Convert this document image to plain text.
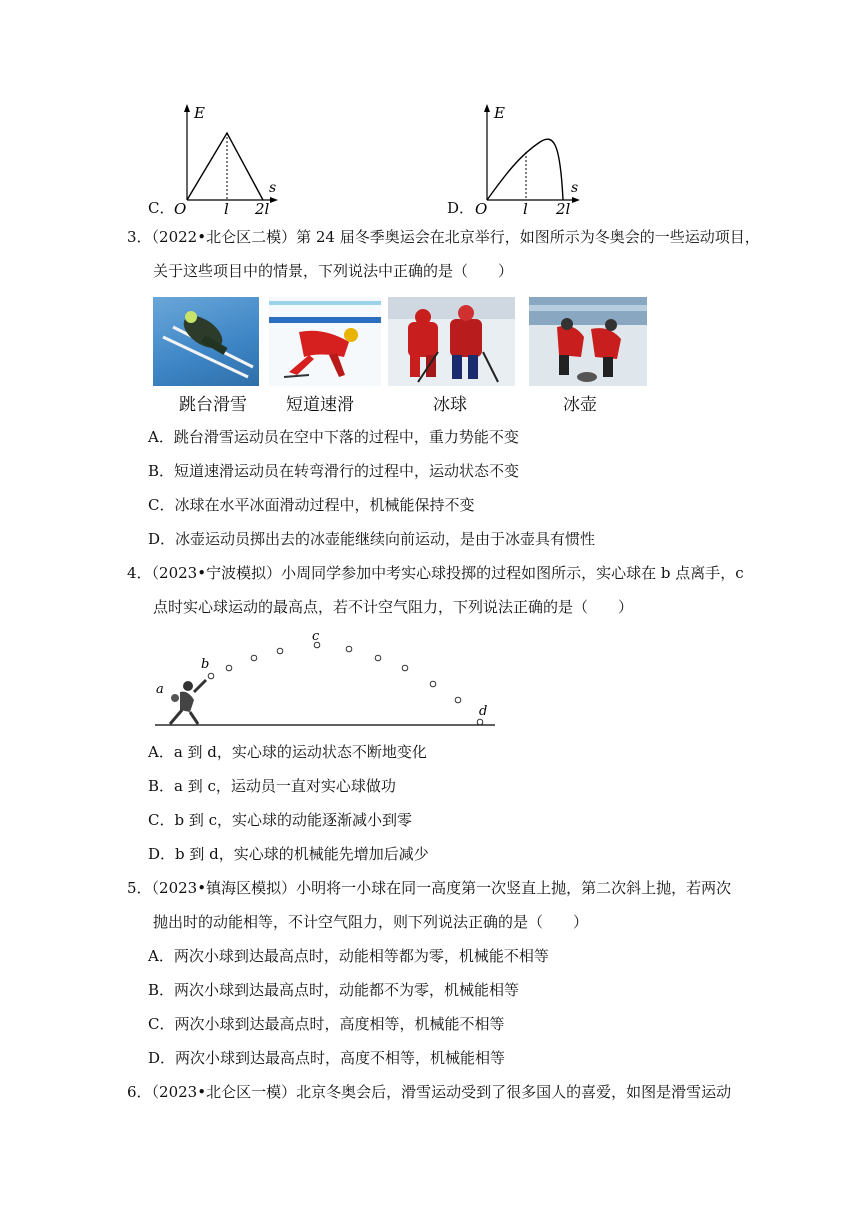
C．
E
s
O	l 2l	D．
E
s
O l 2l
3．（2022•北仑区二模）第 24 届冬季奥运会在北京举行，如图所示为冬奥会的一些运动项目，
关于这些项目中的情景，下列说法中正确的是（　　）
跳台滑雪	短道速滑	冰球	冰壶
A．跳台滑雪运动员在空中下落的过程中，重力势能不变
B．短道速滑运动员在转弯滑行的过程中，运动状态不变
C．冰球在水平冰面滑动过程中，机械能保持不变
D．冰壶运动员掷出去的冰壶能继续向前运动，是由于冰壶具有惯性
4．（2023•宁波模拟）小周同学参加中考实心球投掷的过程如图所示，实心球在 b 点离手，c
点时实心球运动的最高点，若不计空气阻力，下列说法正确的是（　　）
a
b
c
d
A．a 到 d，实心球的运动状态不断地变化
B．a 到 c，运动员一直对实心球做功
C．b 到 c，实心球的动能逐渐减小到零
D．b 到 d，实心球的机械能先增加后减少
5．（2023•镇海区模拟）小明将一小球在同一高度第一次竖直上抛，第二次斜上抛，若两次
抛出时的动能相等，不计空气阻力，则下列说法正确的是（　　）
A．两次小球到达最高点时，动能相等都为零，机械能不相等
B．两次小球到达最高点时，动能都不为零，机械能相等
C．两次小球到达最高点时，高度相等，机械能不相等
D．两次小球到达最高点时，高度不相等，机械能相等
6．（2023•北仑区一模）北京冬奥会后，滑雪运动受到了很多国人的喜爱，如图是滑雪运动
